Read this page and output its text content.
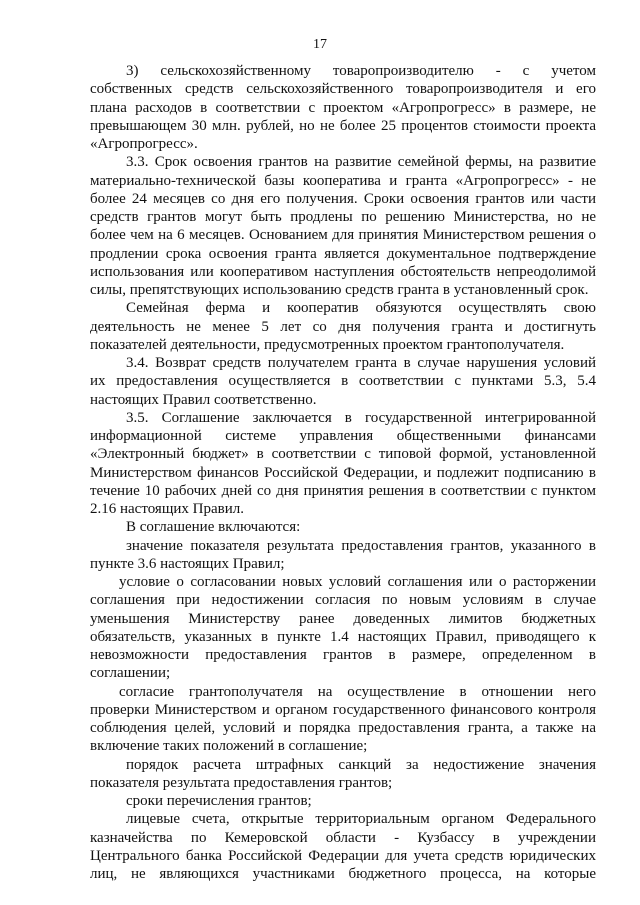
17
3) сельскохозяйственному товаропроизводителю - с учетом
собственных средств сельскохозяйственного товаропроизводителя и его
плана расходов в соответствии с проектом «Агропрогресс» в размере, не
превышающем 30 млн. рублей, но не более 25 процентов стоимости проекта
«Агропрогресс».
3.3. Срок освоения грантов на развитие семейной фермы, на развитие
материально-технической базы кооператива и гранта «Агропрогресс» - не
более 24 месяцев со дня его получения. Сроки освоения грантов или части
средств грантов могут быть продлены по решению Министерства, но не
более чем на 6 месяцев. Основанием для принятия Министерством решения о
продлении срока освоения гранта является документальное подтверждение
использования или кооперативом наступления обстоятельств непреодолимой
силы, препятствующих использованию средств гранта в установленный срок.
Семейная ферма и кооператив обязуются осуществлять свою
деятельность не менее 5 лет со дня получения гранта и достигнуть
показателей деятельности, предусмотренных проектом грантополучателя.
3.4. Возврат средств получателем гранта в случае нарушения условий
их предоставления осуществляется в соответствии с пунктами 5.3, 5.4
настоящих Правил соответственно.
3.5. Соглашение заключается в государственной интегрированной
информационной системе управления общественными финансами
«Электронный бюджет» в соответствии с типовой формой, установленной
Министерством финансов Российской Федерации, и подлежит подписанию в
течение 10 рабочих дней со дня принятия решения в соответствии с пунктом
2.16 настоящих Правил.
В соглашение включаются:
значение показателя результата предоставления грантов, указанного в
пункте 3.6 настоящих Правил;
условие о согласовании новых условий соглашения или о расторжении
соглашения при недостижении согласия по новым условиям в случае
уменьшения Министерству ранее доведенных лимитов бюджетных
обязательств, указанных в пункте 1.4 настоящих Правил, приводящего к
невозможности предоставления грантов в размере, определенном в
соглашении;
согласие грантополучателя на осуществление в отношении него
проверки Министерством и органом государственного финансового контроля
соблюдения целей, условий и порядка предоставления гранта, а также на
включение таких положений в соглашение;
порядок расчета штрафных санкций за недостижение значения
показателя результата предоставления грантов;
сроки перечисления грантов;
лицевые счета, открытые территориальным органом Федерального
казначейства по Кемеровской области - Кузбассу в учреждении
Центрального банка Российской Федерации для учета средств юридических
лиц, не являющихся участниками бюджетного процесса, на которые
